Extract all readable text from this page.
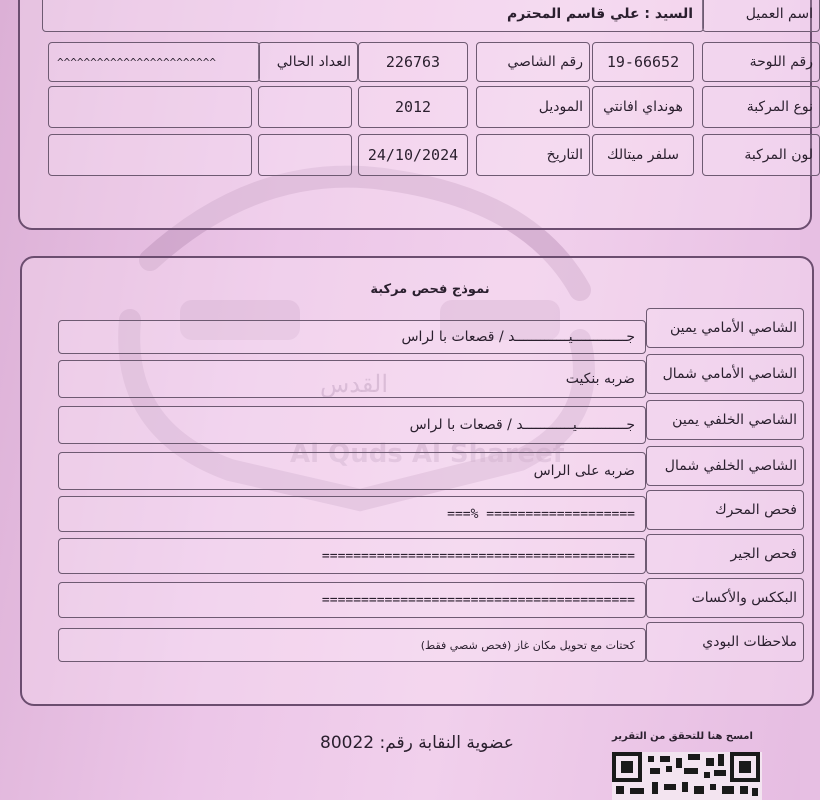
القدس
Al Quds Al Shareef
اسم العميل
السيد : علي قاسم المحترم
رقم اللوحة
19-66652
رقم الشاصي
226763
العداد الحالي
^^^^^^^^^^^^^^^^^^^^^^^^
نوع المركبة
هونداي افانتي
الموديل
2012
لون المركبة
سلفر ميتالك
التاريخ
24/10/2024
نموذج فحص مركبة
الشاصي الأمامي يمين
جـــــــــــــيـــــــــــــد / قصعات با لراس
الشاصي الأمامي شمال
ضربه بنكيت
الشاصي الخلفي يمين
جــــــــــــيــــــــــــد / قصعات با لراس
الشاصي الخلفي شمال
ضربه على الراس
فحص المحرك
===% ===================
فحص الجير
========================================
البككس والأكسات
========================================
ملاحظات البودي
كحتات مع تحويل مكان غاز (فحص شصي فقط)
عضوية النقابة رقم: 80022	امسح هنا للتحقق من التقرير
